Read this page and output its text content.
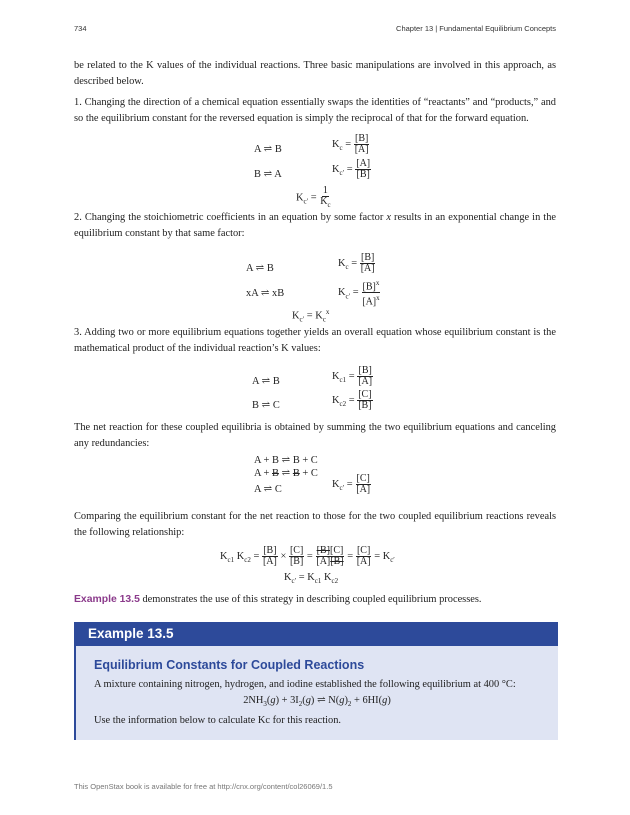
734	Chapter 13 | Fundamental Equilibrium Concepts

be related to the K values of the individual reactions. Three basic manipulations are involved in this approach, as described below.

1. Changing the direction of a chemical equation essentially swaps the identities of “reactants” and “products,” and so the equilibrium constant for the reversed equation is simply the reciprocal of that for the forward equation.

A ⇌ B	$K_c = \frac{[B]}{[A]}$
B ⇌ A	$K_{c'} = \frac{[A]}{[B]}$
$K_{c'} = \frac{1}{K_c}$

2. Changing the stoichiometric coefficients in an equation by some factor x results in an exponential change in the equilibrium constant by that same factor:

A ⇌ B	$K_c = \frac{[B]}{[A]}$
xA ⇌ xB	$K_{c'} = \frac{[B]^x}{[A]^x}$
$K_{c'} = K_c^x$

3. Adding two or more equilibrium equations together yields an overall equation whose equilibrium constant is the mathematical product of the individual reaction’s K values:

A ⇌ B	$K_{c1} = \frac{[B]}{[A]}$
B ⇌ C	$K_{c2} = \frac{[C]}{[B]}$

The net reaction for these coupled equilibria is obtained by summing the two equilibrium equations and canceling any redundancies:

A + B ⇌ B + C
A + B ⇌ B + C
A ⇌ C	$K_{c'} = \frac{[C]}{[A]}$

Comparing the equilibrium constant for the net reaction to those for the two coupled equilibrium reactions reveals the following relationship:

$K_{c1}$ $K_{c2} = \frac{[B]}{[A]} \times \frac{[C]}{[B]} = \frac{[B][C]}{[A][B]} = \frac{[C]}{[A]} = K_{c'}$
$K_{c'} = K_{c1}$ $K_{c2}$

Example 13.5 demonstrates the use of this strategy in describing coupled equilibrium processes.

Example 13.5
Equilibrium Constants for Coupled Reactions
A mixture containing nitrogen, hydrogen, and iodine established the following equilibrium at 400 °C:
$2NH_3(g) + 3I_2(g)$ ⇌ $N(g)_2 + 6HI(g)$
Use the information below to calculate Kc for this reaction.
This OpenStax book is available for free at http://cnx.org/content/col26069/1.5
